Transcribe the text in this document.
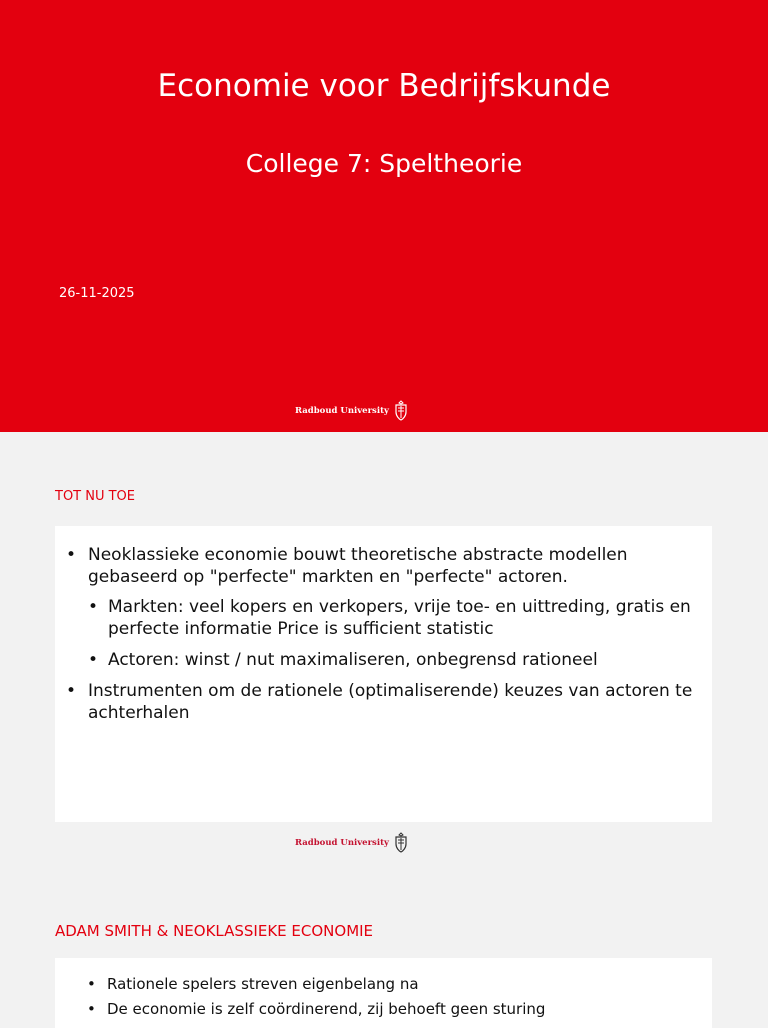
Economie voor Bedrijfskunde
College 7: Speltheorie
26-11-2025
Radboud University
TOT NU TOE
• Neoklassieke economie bouwt theoretische abstracte modellen gebaseerd op "perfecte" markten en "perfecte" actoren.
• Markten: veel kopers en verkopers, vrije toe- en uittreding, gratis en perfecte informatie Price is sufficient statistic
• Actoren: winst / nut maximaliseren, onbegrensd rationeel
• Instrumenten om de rationele (optimaliserende) keuzes van actoren te achterhalen
Radboud University
ADAM SMITH & NEOKLASSIEKE ECONOMIE
• Rationele spelers streven eigenbelang na
• De economie is zelf coördinerend, zij behoeft geen sturing
